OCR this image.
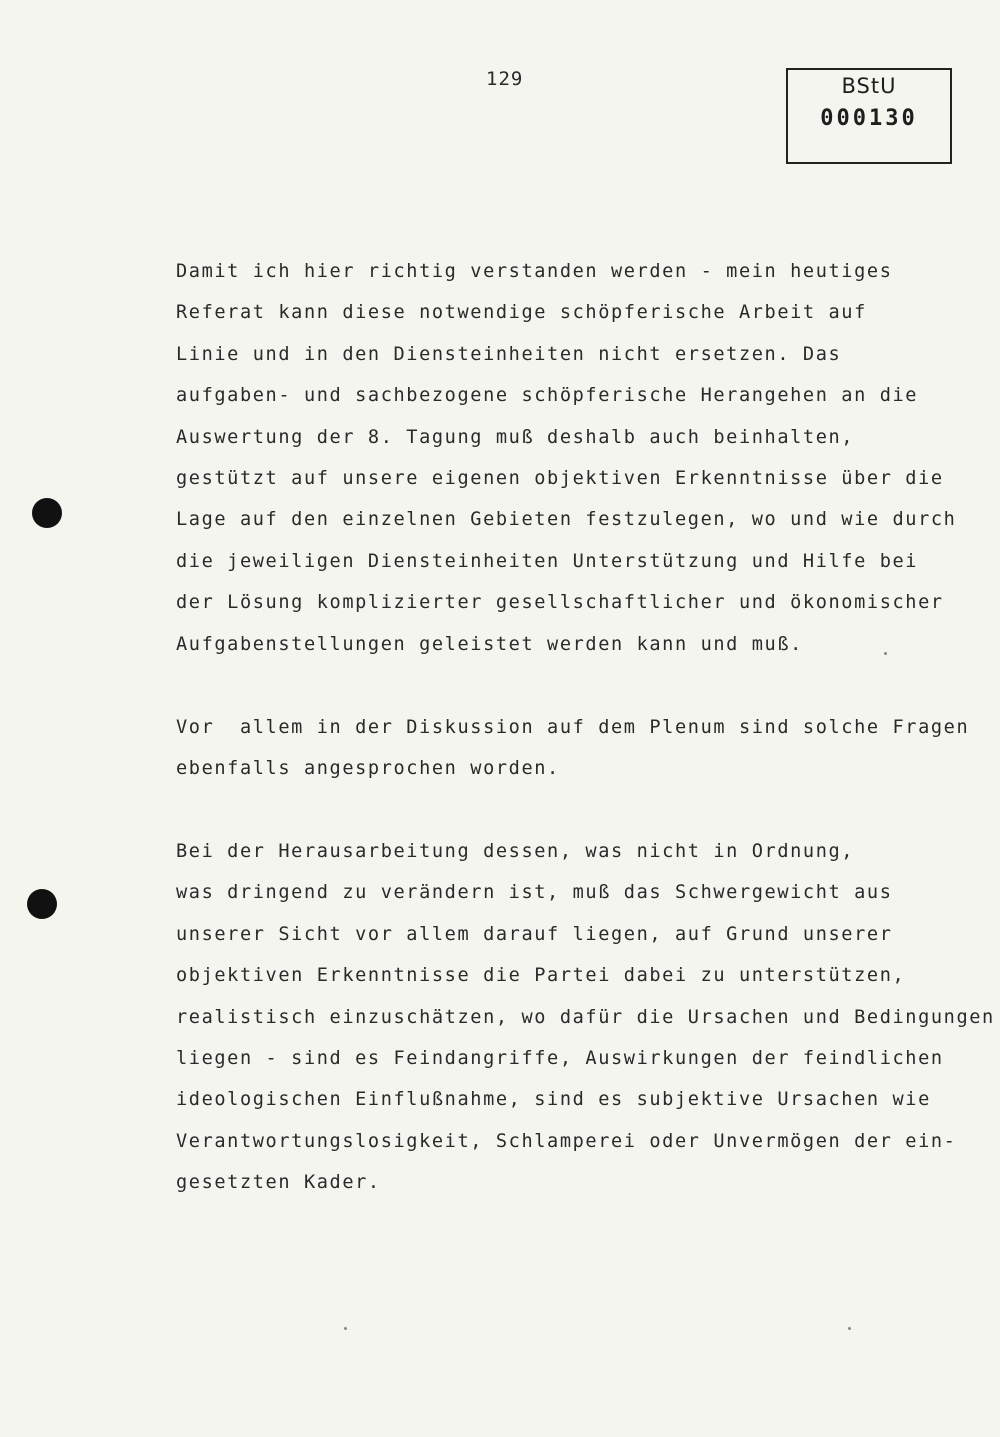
129	BStU
000130
Damit ich hier richtig verstanden werden - mein heutiges
Referat kann diese notwendige schöpferische Arbeit auf
Linie und in den Diensteinheiten nicht ersetzen. Das
aufgaben- und sachbezogene schöpferische Herangehen an die
Auswertung der 8. Tagung muß deshalb auch beinhalten,
gestützt auf unsere eigenen objektiven Erkenntnisse über die
Lage auf den einzelnen Gebieten festzulegen, wo und wie durch
die jeweiligen Diensteinheiten Unterstützung und Hilfe bei
der Lösung komplizierter gesellschaftlicher und ökonomischer
Aufgabenstellungen geleistet werden kann und muß.
Vor  allem in der Diskussion auf dem Plenum sind solche Fragen
ebenfalls angesprochen worden.
Bei der Herausarbeitung dessen, was nicht in Ordnung,
was dringend zu verändern ist, muß das Schwergewicht aus
unserer Sicht vor allem darauf liegen, auf Grund unserer
objektiven Erkenntnisse die Partei dabei zu unterstützen,
realistisch einzuschätzen, wo dafür die Ursachen und Bedingungen
liegen - sind es Feindangriffe, Auswirkungen der feindlichen
ideologischen Einflußnahme, sind es subjektive Ursachen wie
Verantwortungslosigkeit, Schlamperei oder Unvermögen der ein-
gesetzten Kader.
